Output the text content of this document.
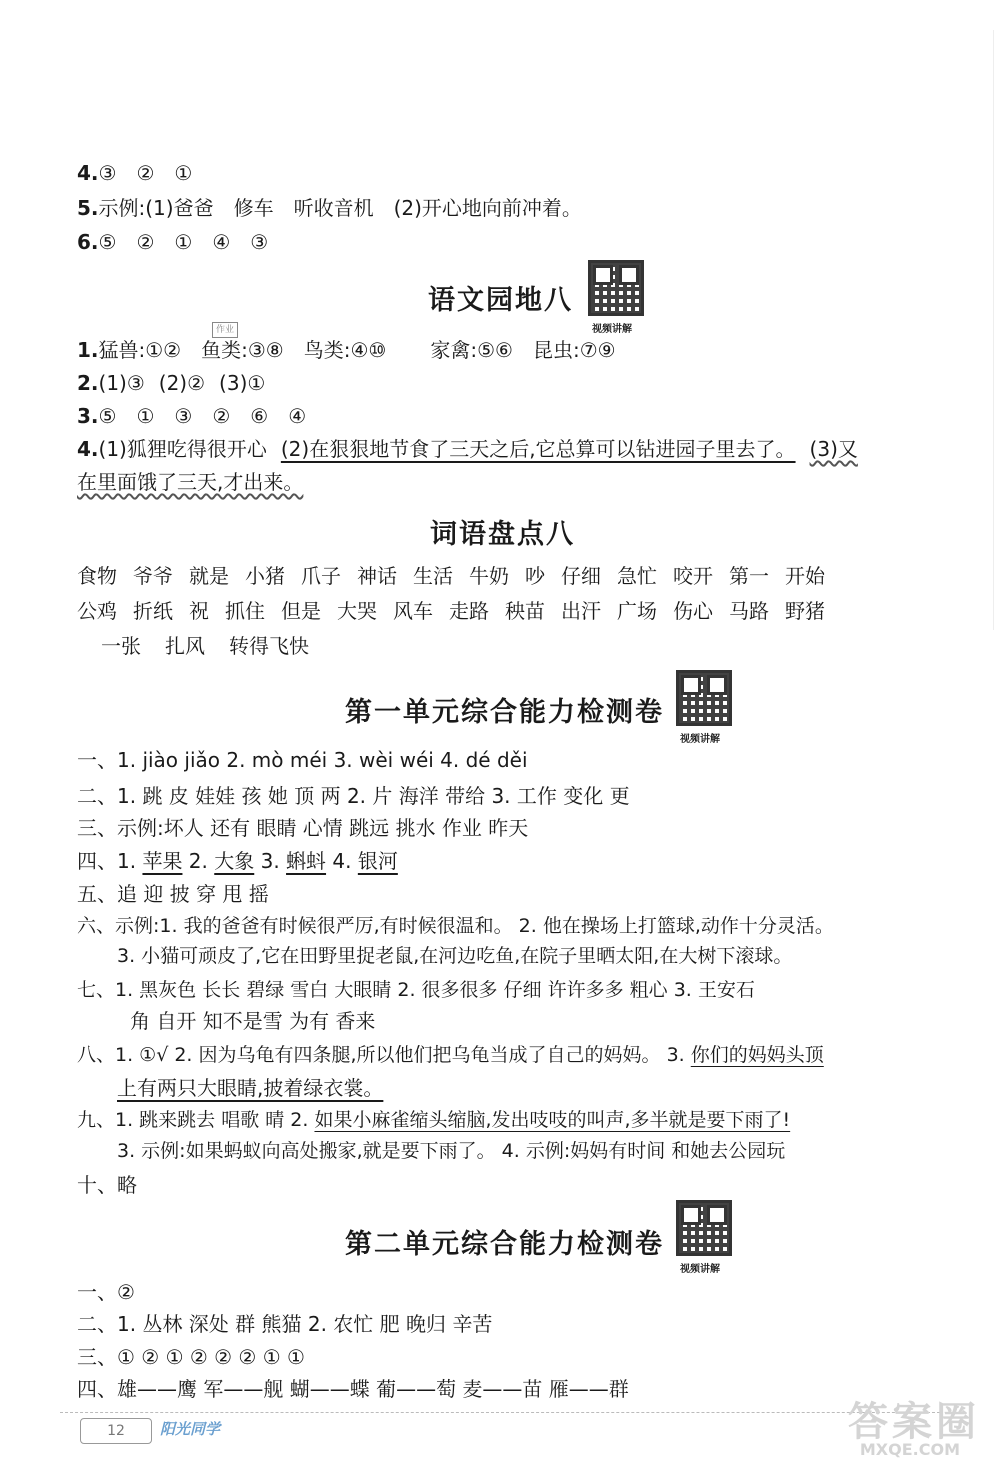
4.③ ② ①
5.示例:(1)爸爸 修车 听收音机 (2)开心地向前冲着。
6.⑤ ② ① ④ ③
语文园地八
视频讲解
作业
1.猛兽:①② 鱼类:③⑧ 鸟类:④⑩ 家禽:⑤⑥ 昆虫:⑦⑨
2.(1)③ (2)② (3)①
3.⑤ ① ③ ② ⑥ ④
4.(1)狐狸吃得很开心 (2)在狠狠地节食了三天之后,它总算可以钻进园子里去了。 (3)又
在里面饿了三天,才出来。
词语盘点八
食物 爷爷 就是 小猪 爪子 神话 生活 牛奶 吵 仔细 急忙 咬开 第一 开始
公鸡 折纸 祝 抓住 但是 大哭 风车 走路 秧苗 出汗 广场 伤心 马路 野猪
一张 扎风 转得飞快
第一单元综合能力检测卷
视频讲解
一、1. jiào jiǎo 2. mò méi 3. wèi wéi 4. dé děi
二、1. 跳 皮 娃娃 孩 她 顶 两 2. 片 海洋 带给 3. 工作 变化 更
三、示例:坏人 还有 眼睛 心情 跳远 挑水 作业 昨天
四、1. 苹果 2. 大象 3. 蝌蚪 4. 银河
五、追 迎 披 穿 甩 摇
六、示例:1. 我的爸爸有时候很严厉,有时候很温和。 2. 他在操场上打篮球,动作十分灵活。
3. 小猫可顽皮了,它在田野里捉老鼠,在河边吃鱼,在院子里晒太阳,在大树下滚球。
七、1. 黑灰色 长长 碧绿 雪白 大眼睛 2. 很多很多 仔细 许许多多 粗心 3. 王安石
角 自开 知不是雪 为有 香来
八、1. ①√ 2. 因为乌龟有四条腿,所以他们把乌龟当成了自己的妈妈。 3. 你们的妈妈头顶
上有两只大眼睛,披着绿衣裳。
九、1. 跳来跳去 唱歌 晴 2. 如果小麻雀缩头缩脑,发出吱吱的叫声,多半就是要下雨了!
3. 示例:如果蚂蚁向高处搬家,就是要下雨了。 4. 示例:妈妈有时间 和她去公园玩
十、略
第二单元综合能力检测卷
视频讲解
一、②
二、1. 丛林 深处 群 熊猫 2. 农忙 肥 晚归 辛苦
三、① ② ① ② ② ② ① ①
四、雄——鹰 军——舰 蝴——蝶 葡——萄 麦——苗 雁——群
12	阳光同学	答案圈
MXQE.COM
